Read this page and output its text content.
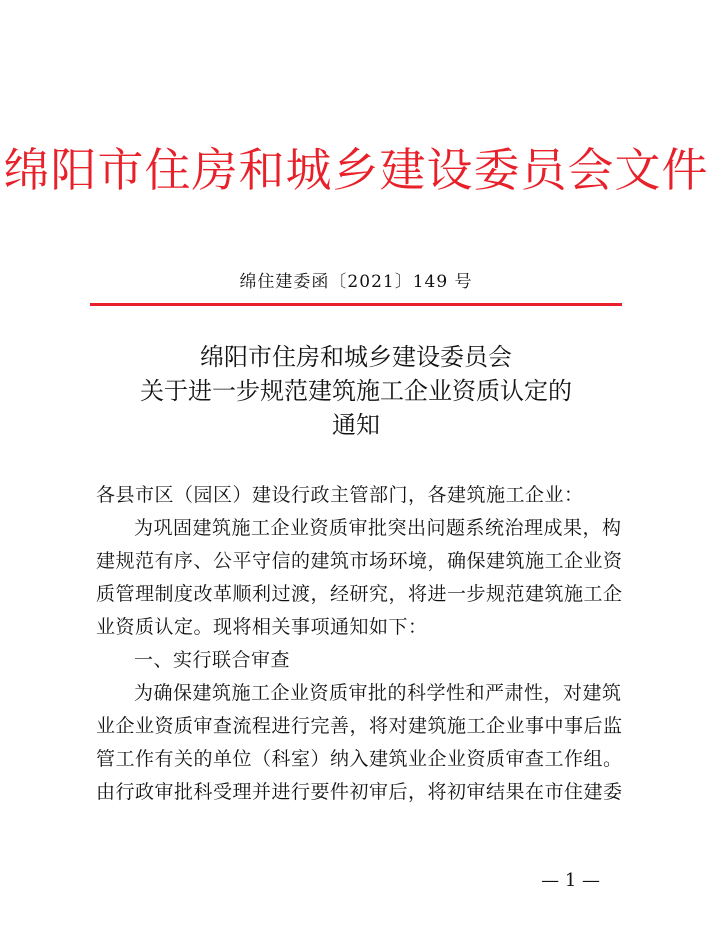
绵阳市住房和城乡建设委员会文件
绵住建委函〔2021〕149 号
绵阳市住房和城乡建设委员会
关于进一步规范建筑施工企业资质认定的
通知
各县市区（园区）建设行政主管部门，各建筑施工企业：
为巩固建筑施工企业资质审批突出问题系统治理成果，构
建规范有序、公平守信的建筑市场环境，确保建筑施工企业资
质管理制度改革顺利过渡，经研究，将进一步规范建筑施工企
业资质认定。现将相关事项通知如下：
一、实行联合审查
为确保建筑施工企业资质审批的科学性和严肃性，对建筑
业企业资质审查流程进行完善，将对建筑施工企业事中事后监
管工作有关的单位（科室）纳入建筑业企业资质审查工作组。
由行政审批科受理并进行要件初审后，将初审结果在市住建委
— 1 —
